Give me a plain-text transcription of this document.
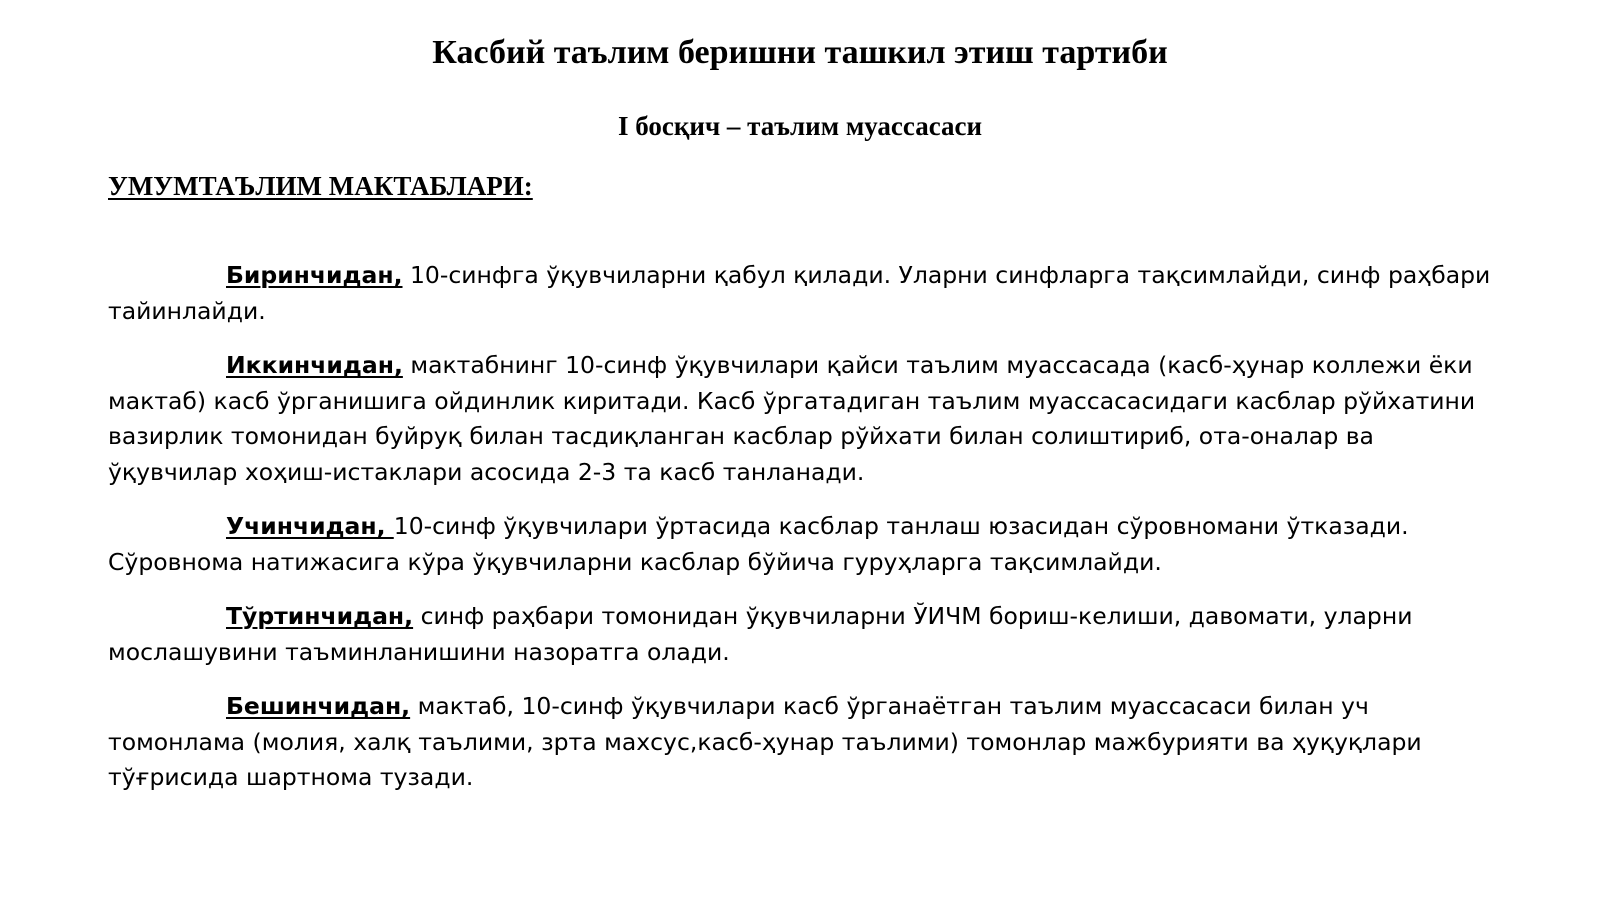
Касбий таълим беришни ташкил этиш тартиби
I босқич – таълим муассасаси
УМУМТАЪЛИМ МАКТАБЛАРИ:

Биринчидан, 10-синфга ўқувчиларни қабул қилади. Уларни синфларга тақсимлайди, синф раҳбари тайинлайди.

Иккинчидан, мактабнинг 10-синф ўқувчилари қайси таълим муассасада (касб-ҳунар коллежи ёки мактаб) касб ўрганишига ойдинлик киритади. Касб ўргатадиган таълим муассасасидаги касблар рўйхатини вазирлик томонидан буйруқ билан тасдиқланган касблар рўйхати билан солиштириб, ота-оналар ва ўқувчилар хоҳиш-истаклари асосида 2-3 та касб танланади.

Учинчидан, 10-синф ўқувчилари ўртасида касблар танлаш юзасидан сўровномани ўтказади. Сўровнома натижасига кўра ўқувчиларни касблар бўйича гуруҳларга тақсимлайди.

Тўртинчидан, синф раҳбари томонидан ўқувчиларни ЎИЧМ бориш-келиши, давомати, уларни мослашувини таъминланишини назоратга олади.

Бешинчидан, мактаб, 10-синф ўқувчилари касб ўрганаётган таълим муассасаси билан уч томонлама (молия, халқ таълими, зрта махсус,касб-ҳунар таълими) томонлар мажбурияти ва ҳуқуқлари тўғрисида шартнома тузади.
